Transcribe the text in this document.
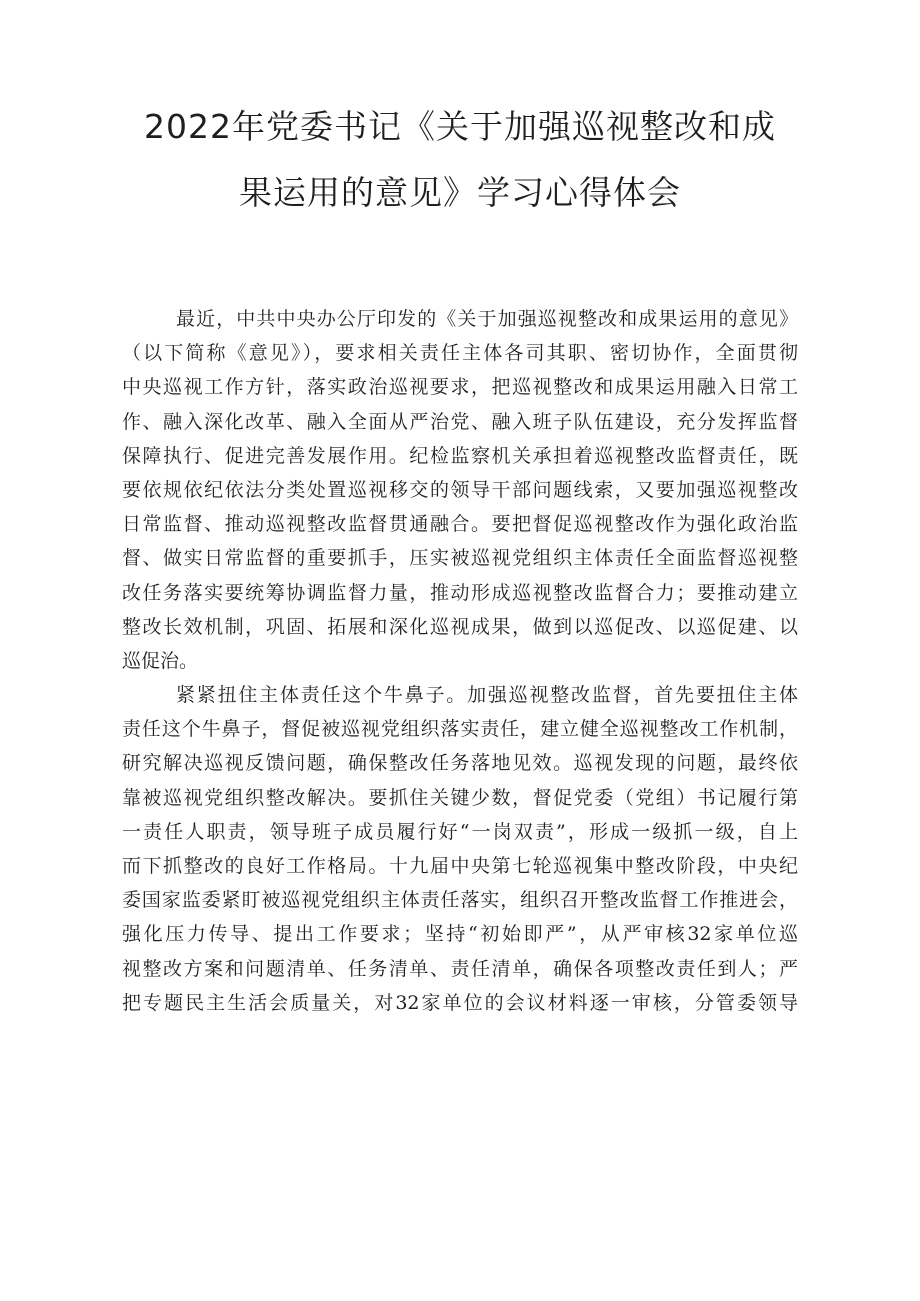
2022年党委书记《关于加强巡视整改和成
果运用的意见》学习心得体会
最近，中共中央办公厅印发的《关于加强巡视整改和成果运用的意见》
（以下简称《意见》），要求相关责任主体各司其职、密切协作，全面贯彻
中央巡视工作方针，落实政治巡视要求，把巡视整改和成果运用融入日常工
作、融入深化改革、融入全面从严治党、融入班子队伍建设，充分发挥监督
保障执行、促进完善发展作用。纪检监察机关承担着巡视整改监督责任，既
要依规依纪依法分类处置巡视移交的领导干部问题线索，又要加强巡视整改
日常监督、推动巡视整改监督贯通融合。要把督促巡视整改作为强化政治监
督、做实日常监督的重要抓手，压实被巡视党组织主体责任全面监督巡视整
改任务落实要统筹协调监督力量，推动形成巡视整改监督合力；要推动建立
整改长效机制，巩固、拓展和深化巡视成果，做到以巡促改、以巡促建、以
巡促治。
紧紧扭住主体责任这个牛鼻子。加强巡视整改监督，首先要扭住主体
责任这个牛鼻子，督促被巡视党组织落实责任，建立健全巡视整改工作机制，
研究解决巡视反馈问题，确保整改任务落地见效。巡视发现的问题，最终依
靠被巡视党组织整改解决。要抓住关键少数，督促党委（党组）书记履行第
一责任人职责，领导班子成员履行好“一岗双责”，形成一级抓一级，自上
而下抓整改的良好工作格局。十九届中央第七轮巡视集中整改阶段，中央纪
委国家监委紧盯被巡视党组织主体责任落实，组织召开整改监督工作推进会，
强化压力传导、提出工作要求；坚持“初始即严”，从严审核32家单位巡
视整改方案和问题清单、任务清单、责任清单，确保各项整改责任到人；严
把专题民主生活会质量关，对32家单位的会议材料逐一审核，分管委领导
